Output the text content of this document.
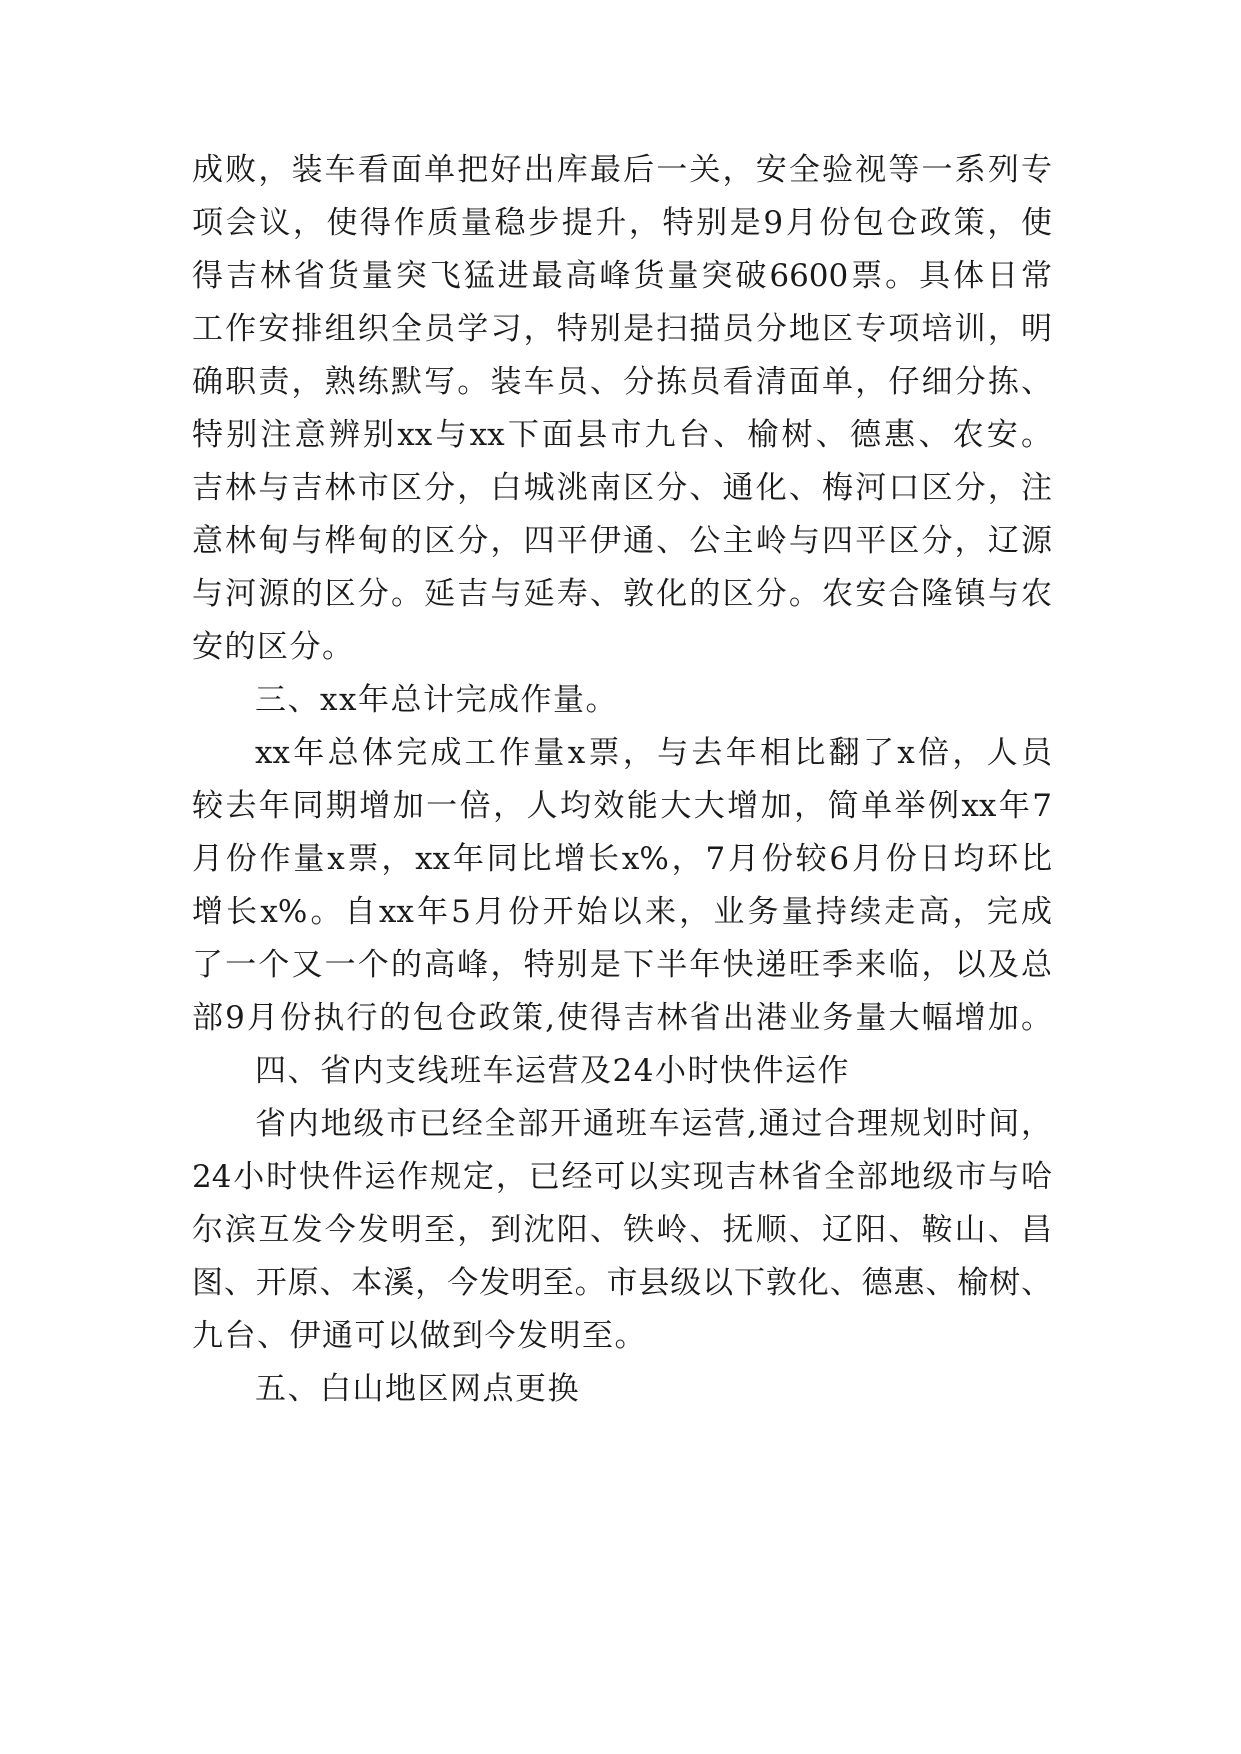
成败，装车看面单把好出库最后一关，安全验视等一系列专
项会议，使得作质量稳步提升，特别是9月份包仓政策，使
得吉林省货量突飞猛进最高峰货量突破6600票。具体日常
工作安排组织全员学习，特别是扫描员分地区专项培训，明
确职责，熟练默写。装车员、分拣员看清面单，仔细分拣、
特别注意辨别xx与xx下面县市九台、榆树、德惠、农安。
吉林与吉林市区分，白城洮南区分、通化、梅河口区分，注
意林甸与桦甸的区分，四平伊通、公主岭与四平区分，辽源
与河源的区分。延吉与延寿、敦化的区分。农安合隆镇与农
安的区分。
三、xx年总计完成作量。
xx年总体完成工作量x票，与去年相比翻了x倍，人员
较去年同期增加一倍，人均效能大大增加，简单举例xx年7
月份作量x票，xx年同比增长x%，7月份较6月份日均环比
增长x%。自xx年5月份开始以来，业务量持续走高，完成
了一个又一个的高峰，特别是下半年快递旺季来临，以及总
部9月份执行的包仓政策,使得吉林省出港业务量大幅增加。
四、省内支线班车运营及24小时快件运作
省内地级市已经全部开通班车运营,通过合理规划时间，
24小时快件运作规定，已经可以实现吉林省全部地级市与哈
尔滨互发今发明至，到沈阳、铁岭、抚顺、辽阳、鞍山、昌
图、开原、本溪，今发明至。市县级以下敦化、德惠、榆树、
九台、伊通可以做到今发明至。
五、白山地区网点更换
